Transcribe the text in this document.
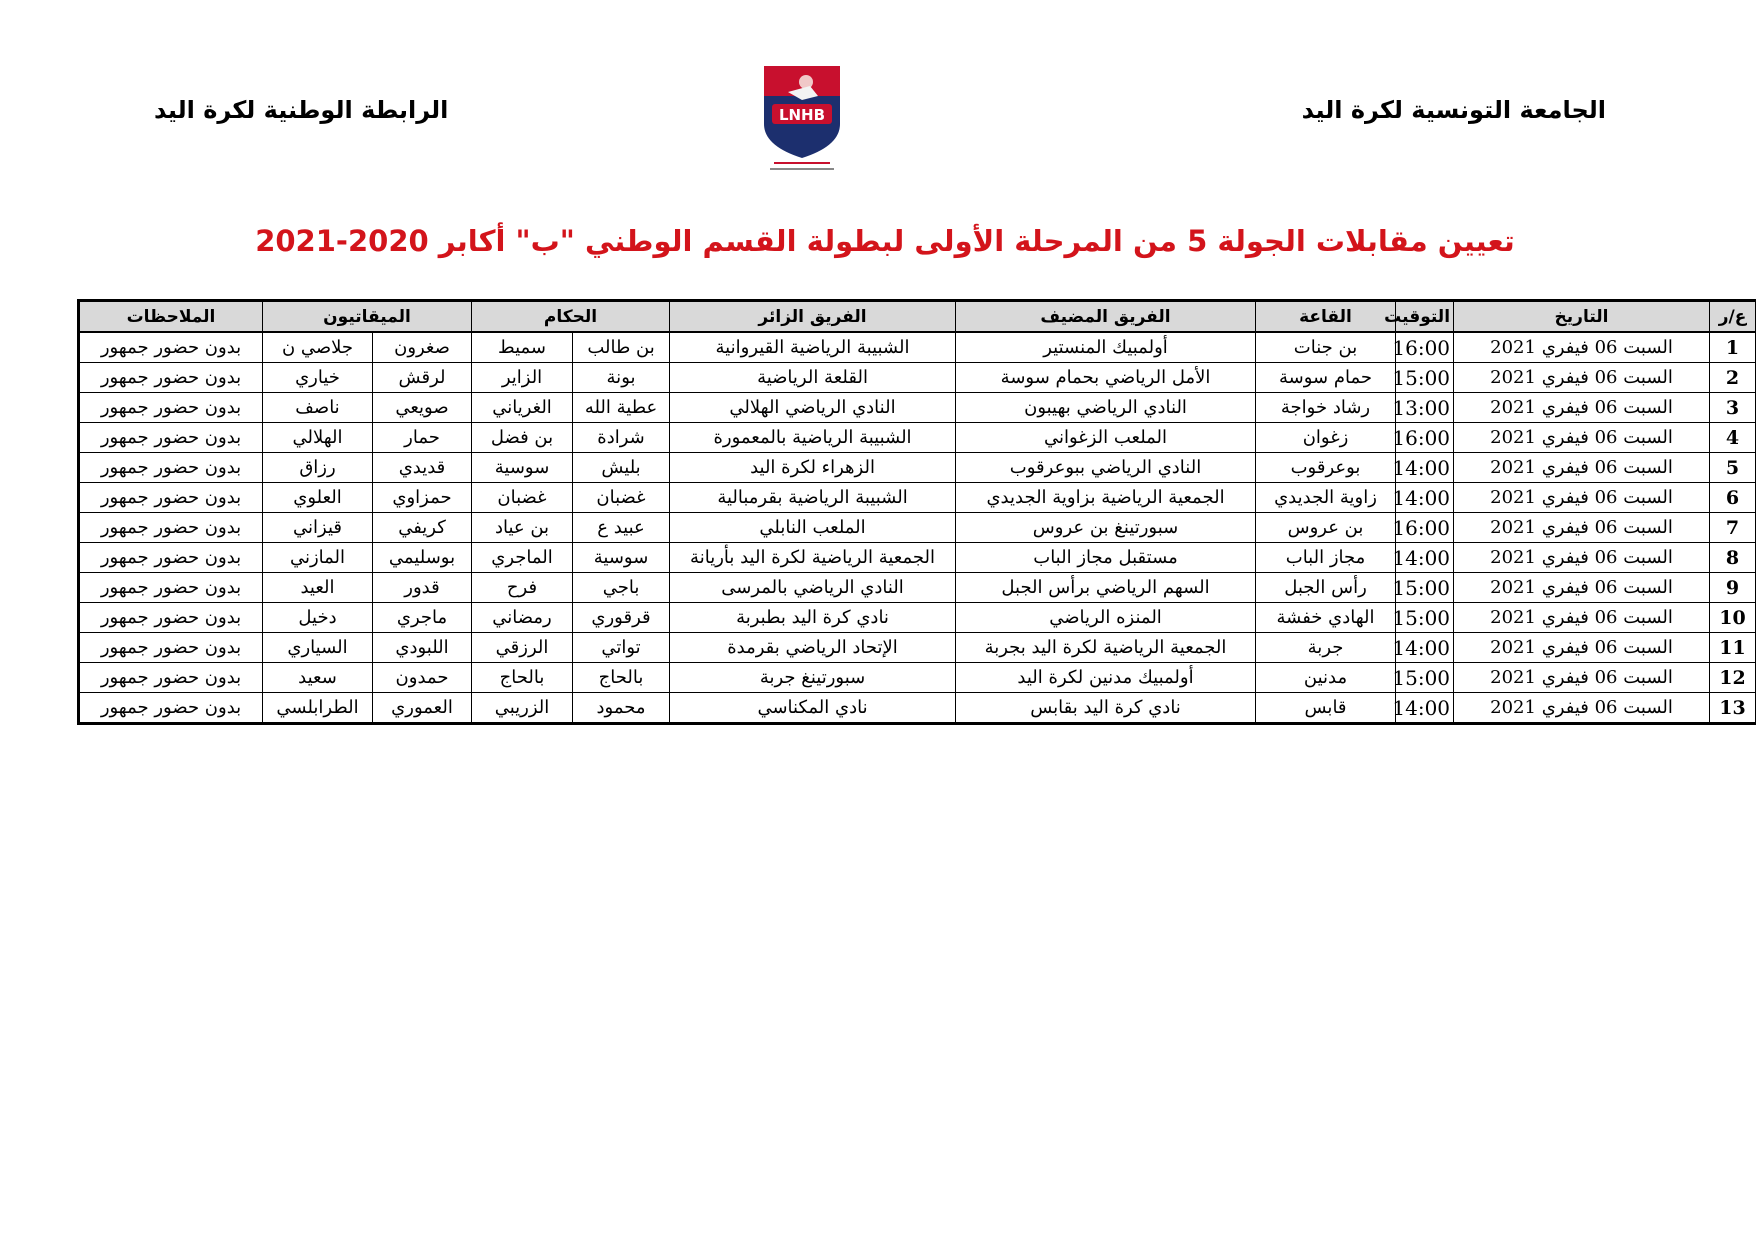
الجامعة التونسية لكرة اليد
الرابطة الوطنية لكرة اليد	LNHB
تعيين مقابلات الجولة 5 من المرحلة الأولى لبطولة القسم الوطني "ب" أكابر 2020-2021
ع/ر	التاريخ	التوقيت	القاعة	الفريق المضيف	الفريق الزائر	الحكام		الميقاتيون		الملاحظات
1	السبت 06 فيفري 2021	16:00	بن جنات	أولمبيك المنستير	الشبيبة الرياضية القيروانية	بن طالب	سميط	صغرون	جلاصي ن	بدون حضور جمهور
2	السبت 06 فيفري 2021	15:00	حمام سوسة	الأمل الرياضي بحمام سوسة	القلعة الرياضية	بونة	الزاير	لرقش	خياري	بدون حضور جمهور
3	السبت 06 فيفري 2021	13:00	رشاد خواجة	النادي الرياضي بهيبون	النادي الرياضي الهلالي	عطية الله	الغرياني	صويعي	ناصف	بدون حضور جمهور
4	السبت 06 فيفري 2021	16:00	زغوان	الملعب الزغواني	الشبيبة الرياضية بالمعمورة	شرادة	بن فضل	حمار	الهلالي	بدون حضور جمهور
5	السبت 06 فيفري 2021	14:00	بوعرقوب	النادي الرياضي ببوعرقوب	الزهراء لكرة اليد	بليش	سوسية	قديدي	رزاق	بدون حضور جمهور
6	السبت 06 فيفري 2021	14:00	زاوية الجديدي	الجمعية الرياضية بزاوية الجديدي	الشبيبة الرياضية بقرمبالية	غضبان	غضبان	حمزاوي	العلوي	بدون حضور جمهور
7	السبت 06 فيفري 2021	16:00	بن عروس	سبورتينغ بن عروس	الملعب النابلي	عبيد ع	بن عياد	كريفي	قيزاني	بدون حضور جمهور
8	السبت 06 فيفري 2021	14:00	مجاز الباب	مستقبل مجاز الباب	الجمعية الرياضية لكرة اليد بأريانة	سوسية	الماجري	بوسليمي	المازني	بدون حضور جمهور
9	السبت 06 فيفري 2021	15:00	رأس الجبل	السهم الرياضي برأس الجبل	النادي الرياضي بالمرسى	باجي	فرح	قدور	العيد	بدون حضور جمهور
10	السبت 06 فيفري 2021	15:00	الهادي خفشة	المنزه الرياضي	نادي كرة اليد بطبربة	قرقوري	رمضاني	ماجري	دخيل	بدون حضور جمهور
11	السبت 06 فيفري 2021	14:00	جربة	الجمعية الرياضية لكرة اليد بجربة	الإتحاد الرياضي بقرمدة	تواتي	الرزقي	اللبودي	السياري	بدون حضور جمهور
12	السبت 06 فيفري 2021	15:00	مدنين	أولمبيك مدنين لكرة اليد	سبورتينغ جربة	بالحاج	بالحاج	حمدون	سعيد	بدون حضور جمهور
13	السبت 06 فيفري 2021	14:00	قابس	نادي كرة اليد بقابس	نادي المكناسي	محمود	الزريبي	العموري	الطرابلسي	بدون حضور جمهور
